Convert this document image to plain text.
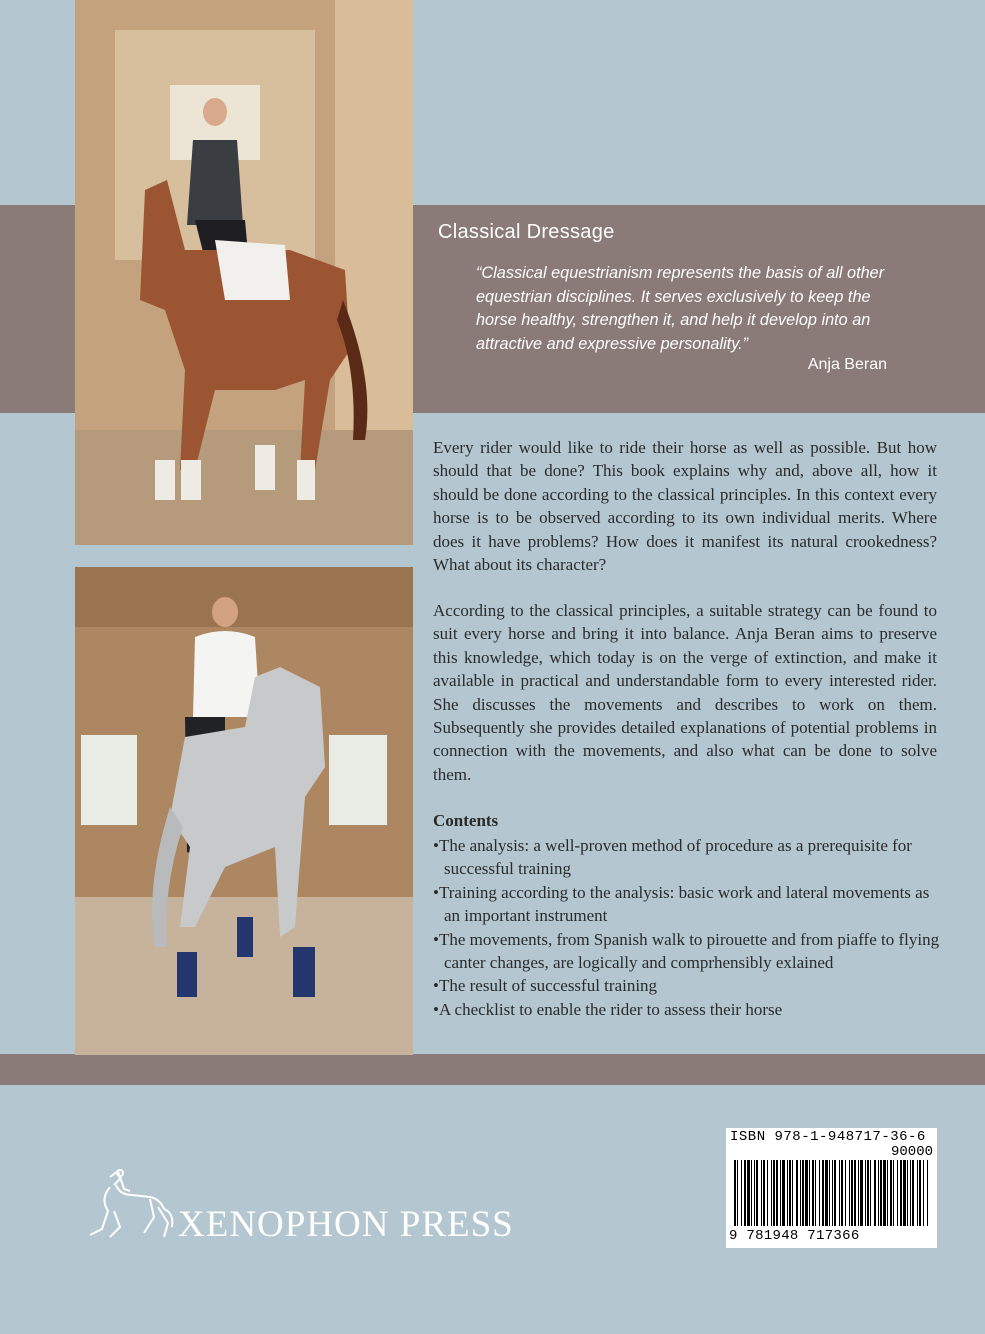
Classical Dressage
“Classical equestrianism represents the basis of all other equestrian disciplines. It serves exclusively to keep the horse healthy, strengthen it, and help it develop into an attractive and expressive personality.”
Anja Beran

Every rider would like to ride their horse as well as possible. But how should that be done? This book explains why and, above all, how it should be done according to the classical principles. In this context every horse is to be observed according to its own individual merits. Where does it have problems? How does it manifest its natural crookedness? What about its character?

According to the classical principles, a suitable strategy can be found to suit every horse and bring it into balance. Anja Beran aims to preserve this knowledge, which today is on the verge of extinction, and make it available in practical and understandable form to every interested rider. She discusses the movements and describes to work on them. Subsequently she provides detailed explanations of potential problems in connection with the movements, and also what can be done to solve them.

Contents
• The analysis: a well-proven method of procedure as a prerequisite for successful training
• Training according to the analysis: basic work and lateral movements as an important instrument
• The movements, from Spanish walk to pirouette and from piaffe to flying canter changes, are logically and comprhensibly exlained
• The result of successful training
• A checklist to enable the rider to assess their horse
XENOPHON PRESS
ISBN 978-1-948717-36-6
90000
9 781948 717366
